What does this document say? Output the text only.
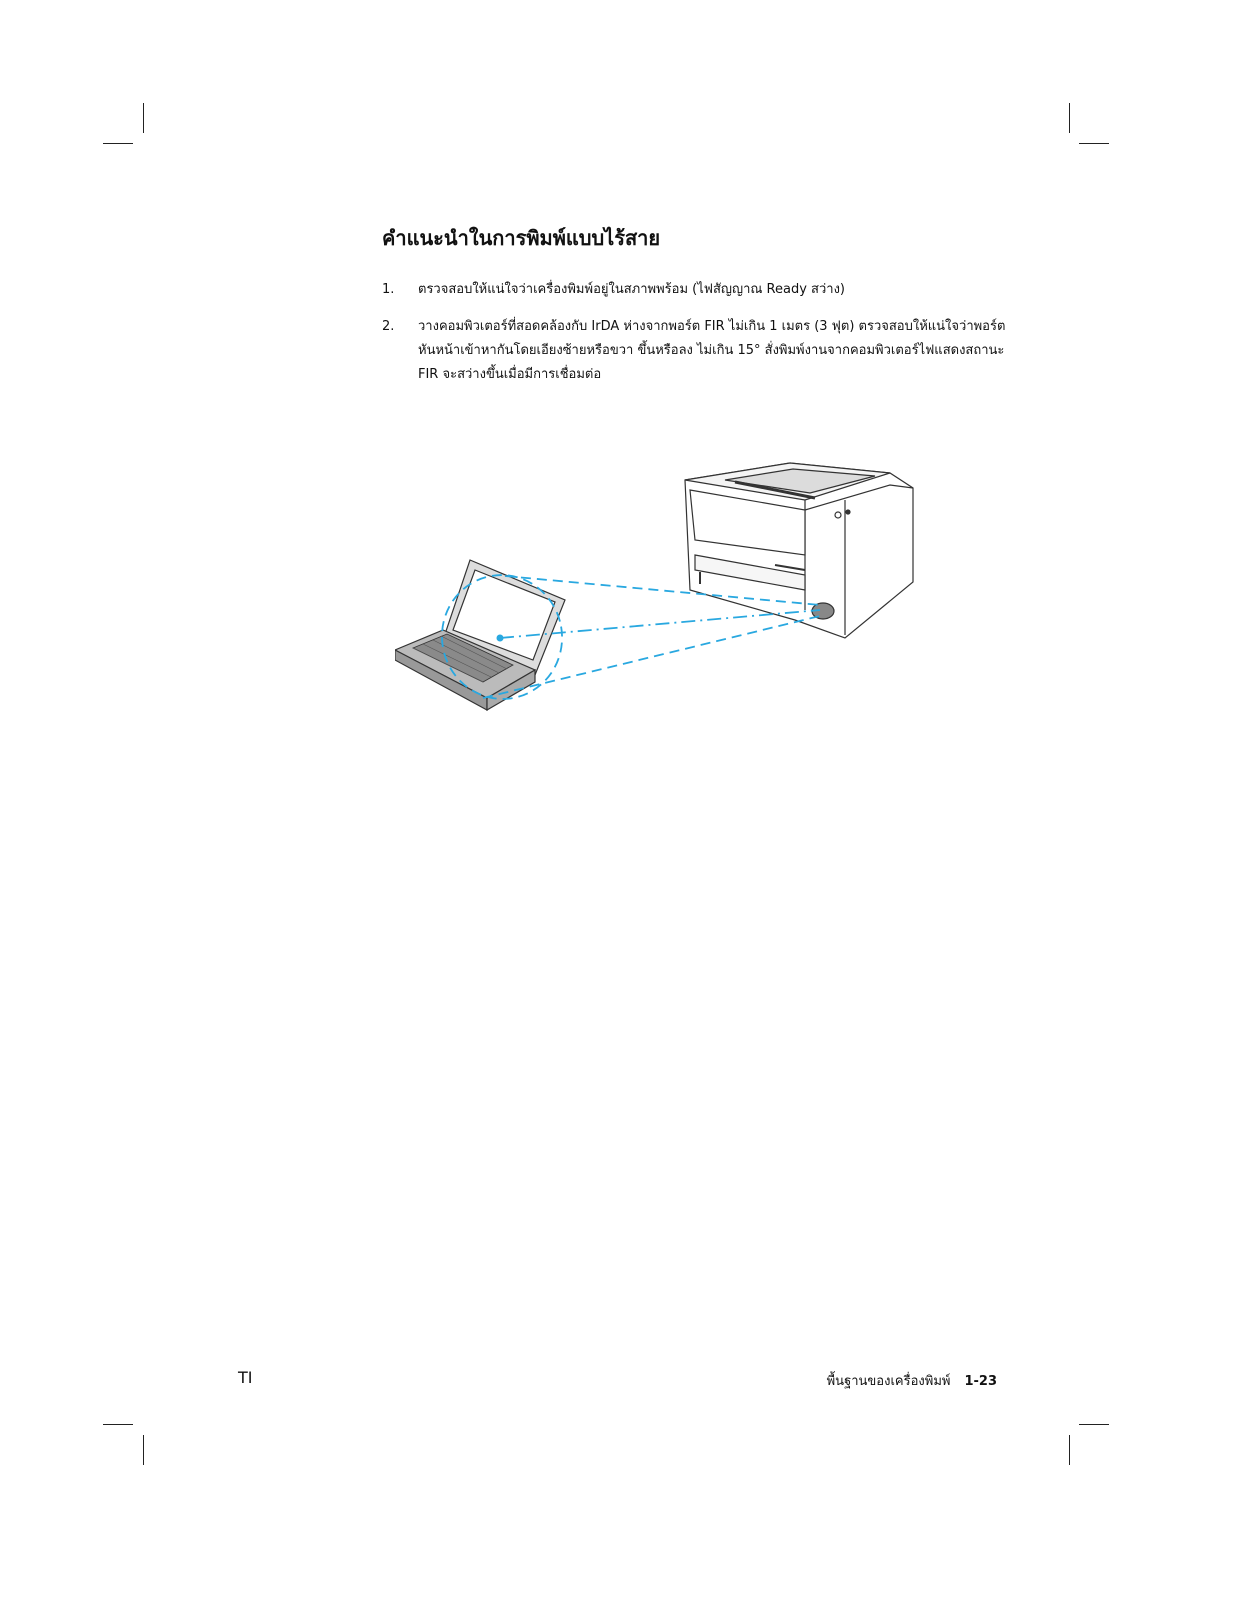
คำแนะนำในการพิมพ์แบบไร้สาย
1.	ตรวจสอบให้แน่ใจว่าเครื่องพิมพ์อยู่ในสภาพพร้อม (ไฟสัญญาณ Ready สว่าง)
2.	วางคอมพิวเตอร์ที่สอดคล้องกับ IrDA ห่างจากพอร์ต FIR ไม่เกิน 1 เมตร (3 ฟุต) ตรวจสอบให้แน่ใจว่าพอร์ตหันหน้าเข้าหากันโดยเอียงซ้ายหรือขวา ขึ้นหรือลง ไม่เกิน 15° สั่งพิมพ์งานจากคอมพิวเตอร์ไฟแสดงสถานะ FIR จะสว่างขึ้นเมื่อมีการเชื่อมต่อ
TI	พื้นฐานของเครื่องพิมพ์ 1-23
